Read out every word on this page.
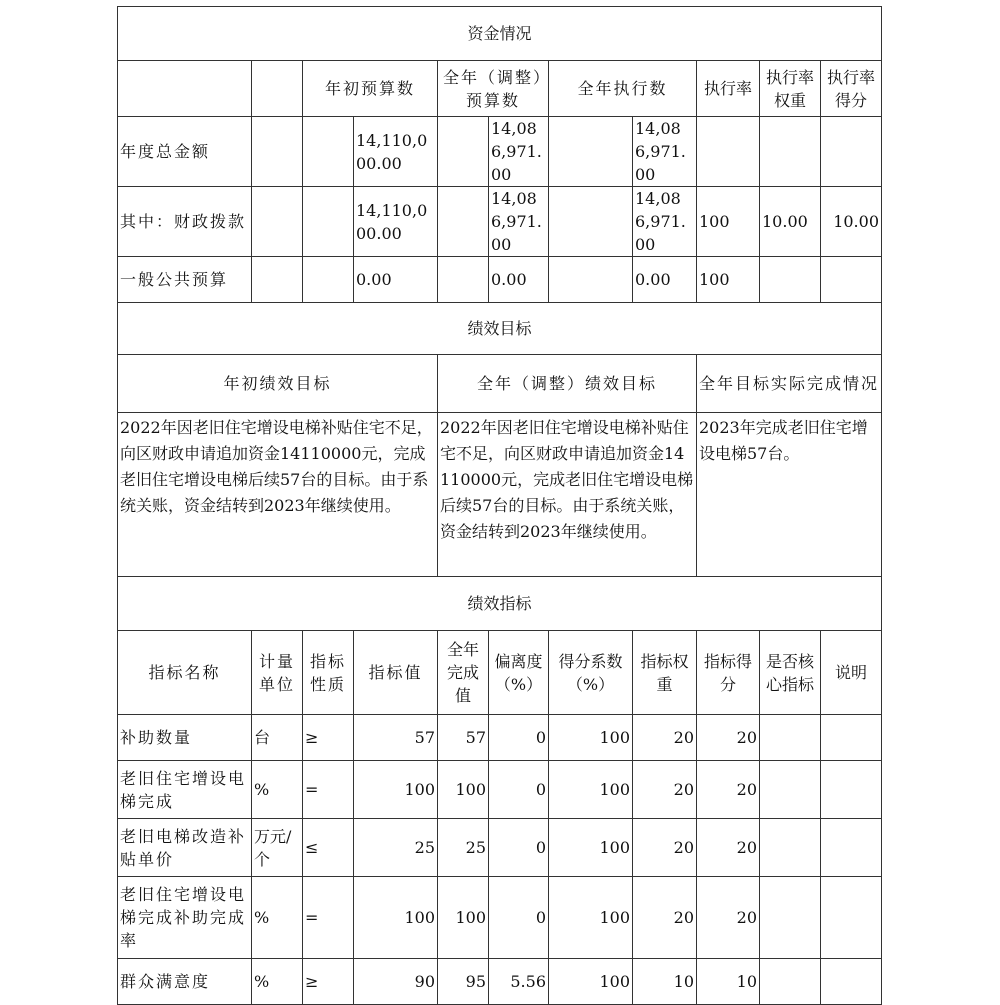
资金情况										
		年初预算数		全年（调整）预算数		全年执行数		执行率	执行率权重	执行率得分
年度总金额			14,110,000.00		14,086,971.00		14,086,971.00			
其中：财政拨款			14,110,000.00		14,086,971.00		14,086,971.00	100	10.00	10.00
一般公共预算			0.00		0.00		0.00	100		
绩效目标										
年初绩效目标				全年（调整）绩效目标				全年目标实际完成情况		
2022年因老旧住宅增设电梯补贴住宅不足，向区财政申请追加资金14110000元，完成老旧住宅增设电梯后续57台的目标。由于系统关账，资金结转到2023年继续使用。				2022年因老旧住宅增设电梯补贴住宅不足，向区财政申请追加资金14110000元，完成老旧住宅增设电梯后续57台的目标。由于系统关账，资金结转到2023年继续使用。				2023年完成老旧住宅增设电梯57台。		
绩效指标										
指标名称	计量单位	指标性质	指标值	全年完成值	偏离度（%）	得分系数（%）	指标权重	指标得分	是否核心指标	说明
补助数量	台	≥	57	57	0	100	20	20		
老旧住宅增设电梯完成	%	=	100	100	0	100	20	20		
老旧电梯改造补贴单价	万元/个	≤	25	25	0	100	20	20		
老旧住宅增设电梯完成补助完成率	%	=	100	100	0	100	20	20		
群众满意度	%	≥	90	95	5.56	100	10	10		
